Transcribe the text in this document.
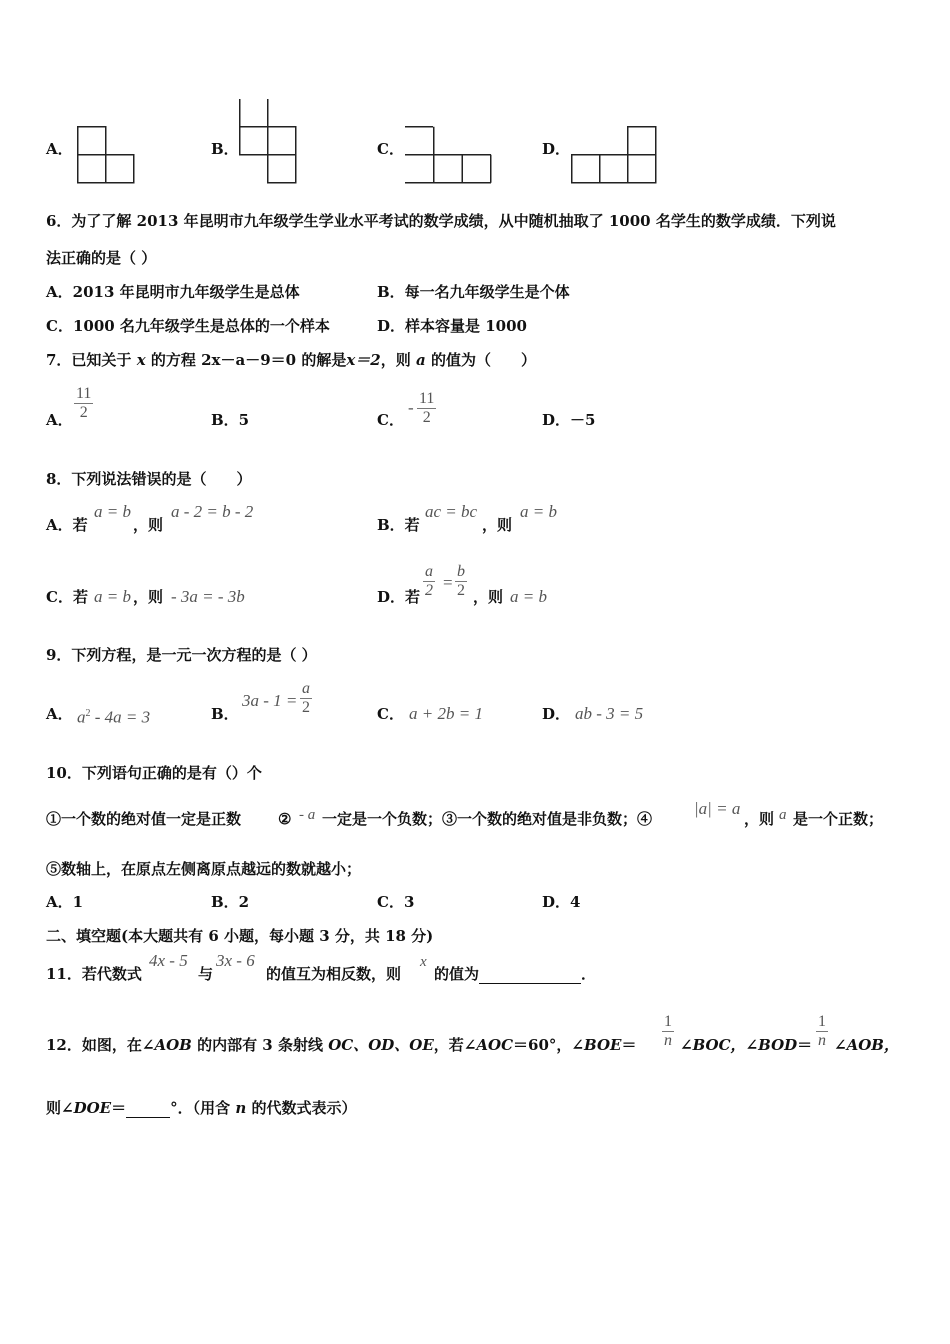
A．	B．	C．	D．
6．为了了解 2013 年昆明市九年级学生学业水平考试的数学成绩，从中随机抽取了 1000 名学生的数学成绩．下列说
法正确的是（ ）
A．2013 年昆明市九年级学生是总体	B．每一名九年级学生是个体
C．1000 名九年级学生是总体的一个样本	D．样本容量是 1000
7．已知关于 x 的方程 2x－a－9＝0 的解是x＝2，则 a 的值为（　　）
A． $\frac{11}{2}$	B．5	C．
- $\frac{11}{2}$	D．－5
8．下列说法错误的是（　　）
A．若
a = b
，则
a - 2 = b - 2
B．若
ac = bc
，则
a = b
C．若 a = b ，则 - 3a = - 3b	D．若 $\frac{a}{2} = \frac{b}{2}$ ，则 a = b
9．下列方程，是一元一次方程的是（ ）
A． $a^2 - 4a = 3$	B．
$3a - 1 = \frac{a}{2}$	C． a + 2b = 1	D． ab - 3 = 5
10．下列语句正确的是有（）个
①一个数的绝对值一定是正数 ② - a 一定是一个负数；③一个数的绝对值是非负数；④
|a| = a
，则 a 是一个正数；
⑤数轴上，在原点左侧离原点越远的数就越小；
A．1	B．2	C．3	D．4
二、填空题(本大题共有 6 小题，每小题 3 分，共 18 分)
11．若代数式
4x - 5
与
3x - 6
的值互为相反数，则
x
的值为	．
12．如图，在∠AOB 的内部有 3 条射线 OC、OD、OE，若∠AOC＝60°，∠BOE＝ $\frac{1}{n}$ ∠BOC，∠BOD＝ $\frac{1}{n}$ ∠AOB，
则∠DOE＝	°．（用含 n 的代数式表示）
